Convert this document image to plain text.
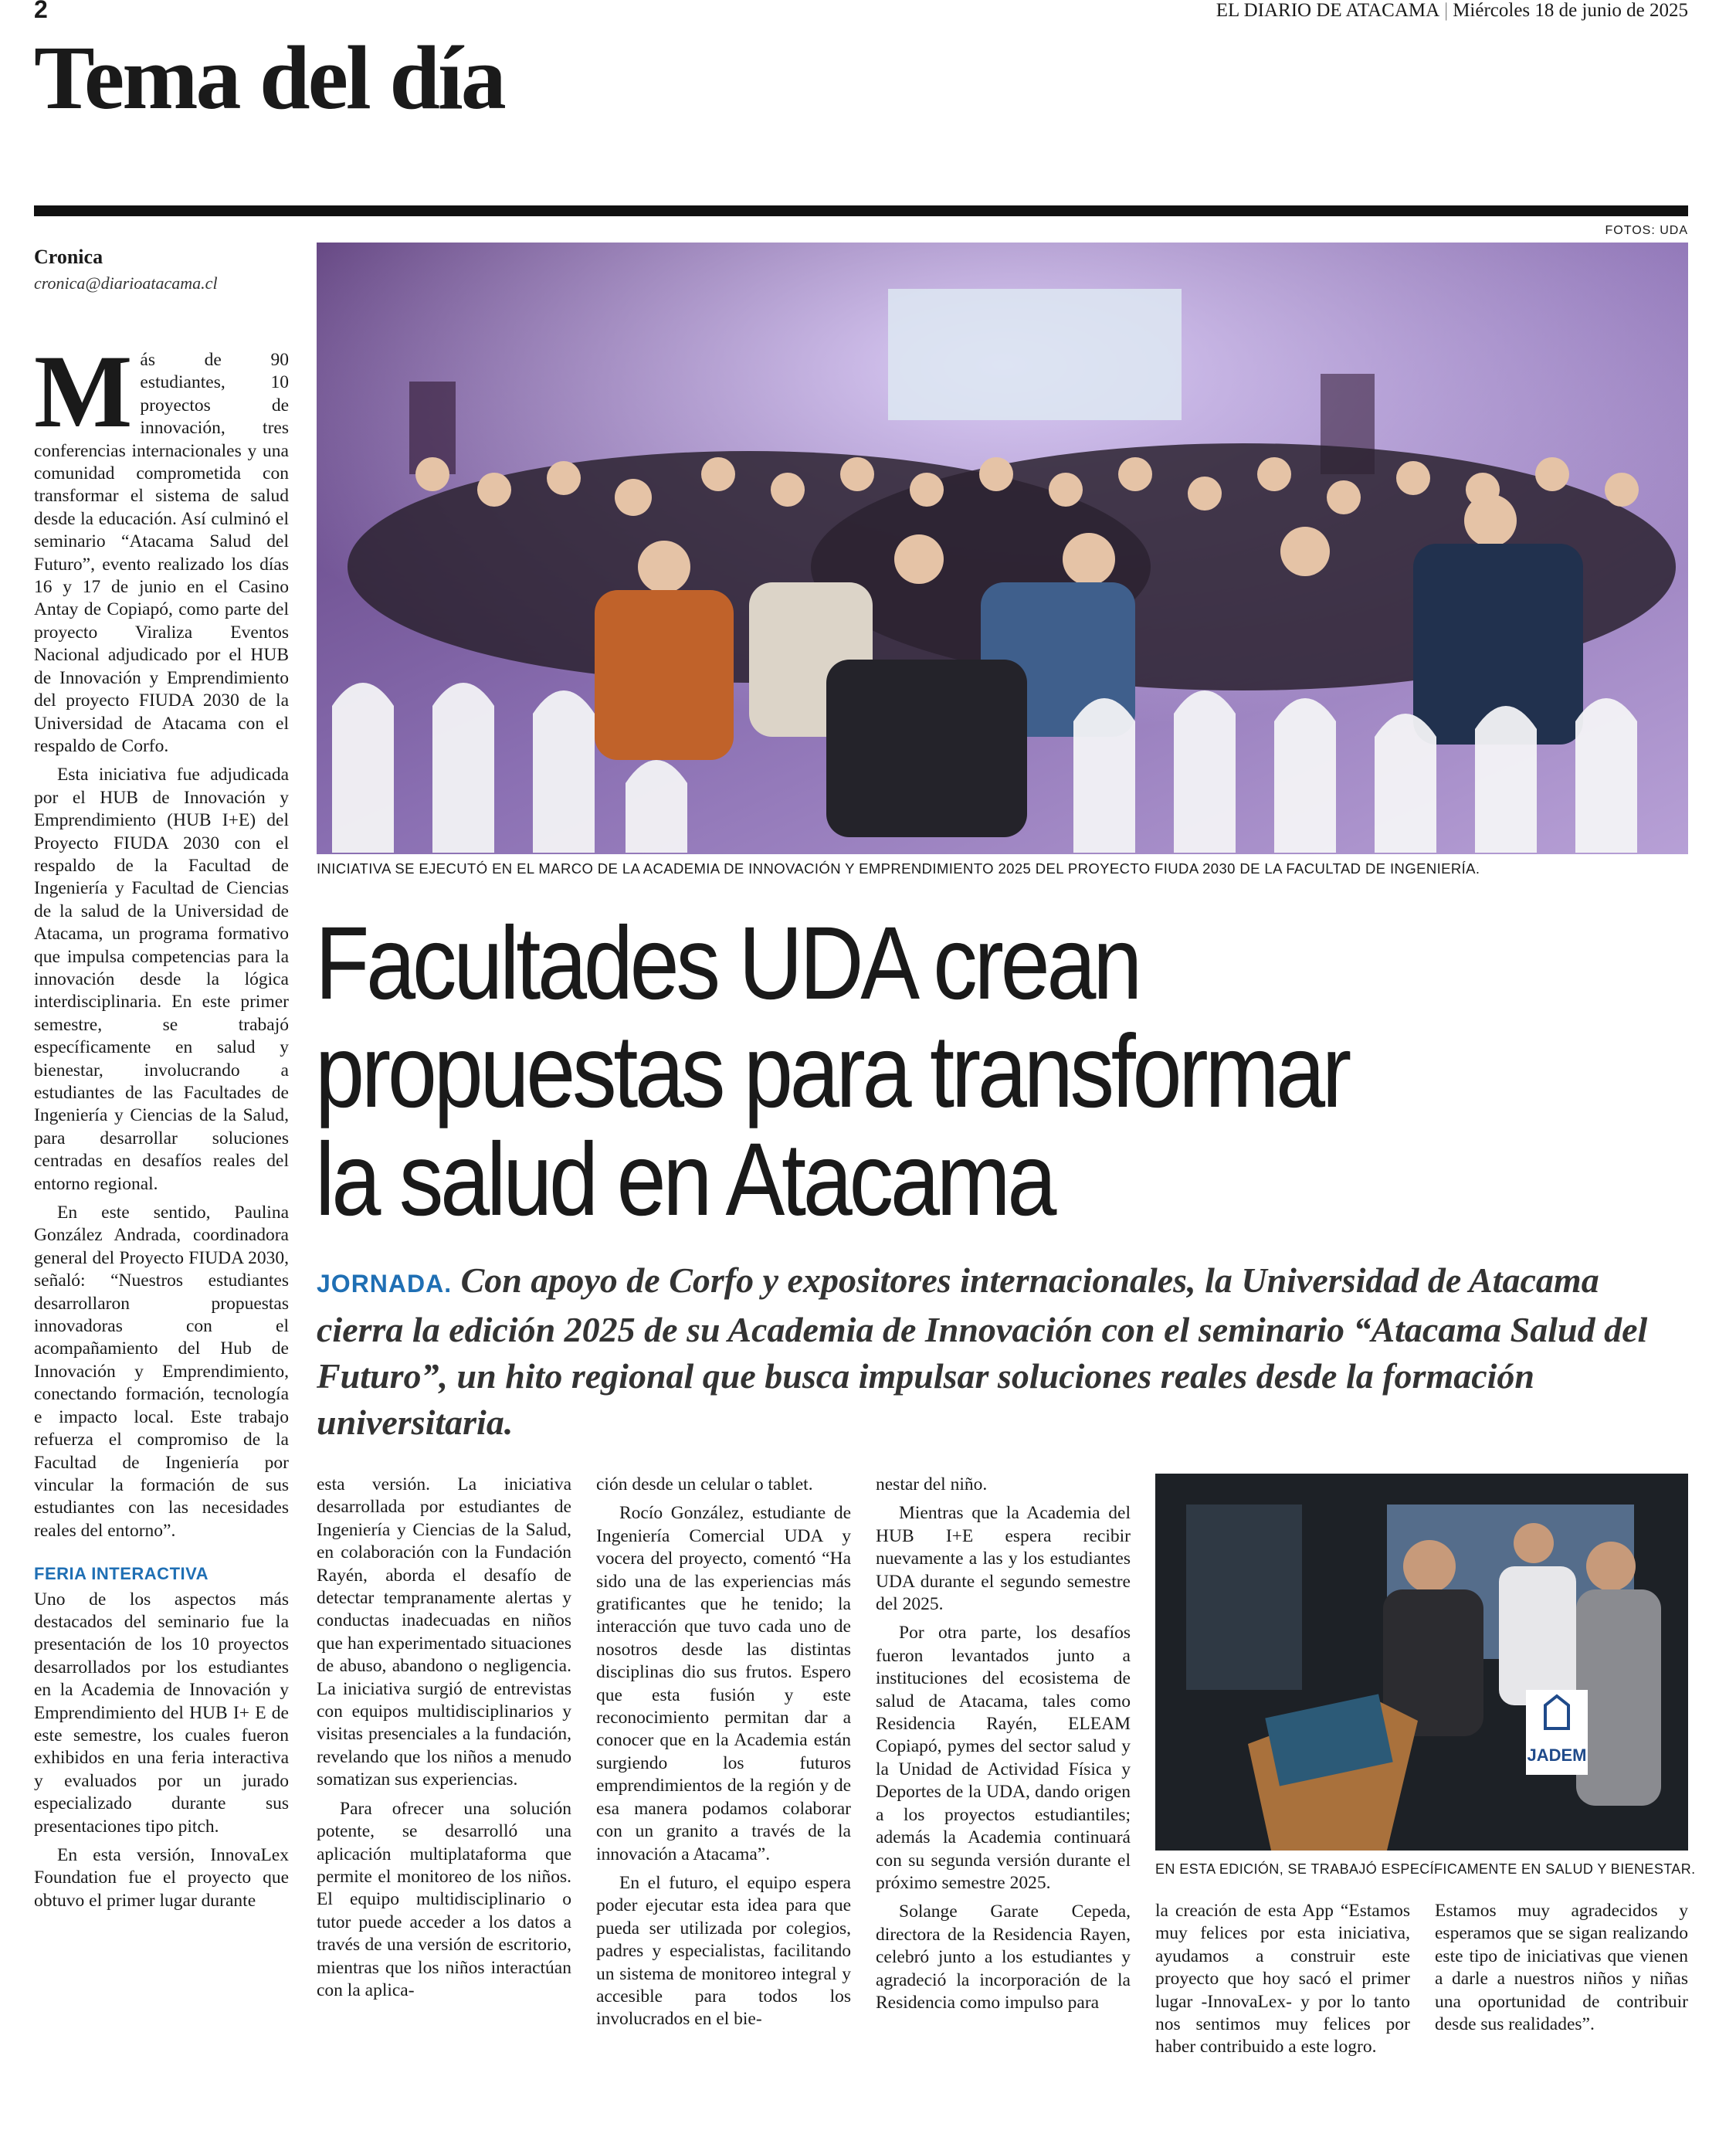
2	EL DIARIO DE ATACAMA | Miércoles 18 de junio de 2025
Tema del día
FOTOS: UDA
Cronica
cronica@diarioatacama.cl

Más de 90 estudiantes, 10 proyectos de innovación, tres conferencias internacionales y una comunidad comprometida con transformar el sistema de salud desde la educación. Así culminó el seminario “Atacama Salud del Futuro”, evento realizado los días 16 y 17 de junio en el Casino Antay de Copiapó, como parte del proyecto Viraliza Eventos Nacional adjudicado por el HUB de Innovación y Emprendimiento del proyecto FIUDA 2030 de la Universidad de Atacama con el respaldo de Corfo.

Esta iniciativa fue adjudicada por el HUB de Innovación y Emprendimiento (HUB I+E) del Proyecto FIUDA 2030 con el respaldo de la Facultad de Ingeniería y Facultad de Ciencias de la salud de la Universidad de Atacama, un programa formativo que impulsa competencias para la innovación desde la lógica interdisciplinaria. En este primer semestre, se trabajó específicamente en salud y bienestar, involucrando a estudiantes de las Facultades de Ingeniería y Ciencias de la Salud, para desarrollar soluciones centradas en desafíos reales del entorno regional.

En este sentido, Paulina González Andrada, coordinadora general del Proyecto FIUDA 2030, señaló: “Nuestros estudiantes desarrollaron propuestas innovadoras con el acompañamiento del Hub de Innovación y Emprendimiento, conectando formación, tecnología e impacto local. Este trabajo refuerza el compromiso de la Facultad de Ingeniería por vincular la formación de sus estudiantes con las necesidades reales del entorno”.

FERIA INTERACTIVA

Uno de los aspectos más destacados del seminario fue la presentación de los 10 proyectos desarrollados por los estudiantes en la Academia de Innovación y Emprendimiento del HUB I+ E de este semestre, los cuales fueron exhibidos en una feria interactiva y evaluados por un jurado especializado durante sus presentaciones tipo pitch.

En esta versión, InnovaLex Foundation fue el proyecto que obtuvo el primer lugar durante

INICIATIVA SE EJECUTÓ EN EL MARCO DE LA ACADEMIA DE INNOVACIÓN Y EMPRENDIMIENTO 2025 DEL PROYECTO FIUDA 2030 DE LA FACULTAD DE INGENIERÍA.
Facultades UDA crean
propuestas para transformar
la salud en Atacama
JORNADA. Con apoyo de Corfo y expositores internacionales, la Universidad de Atacama cierra la edición 2025 de su Academia de Innovación con el seminario “Atacama Salud del Futuro”, un hito regional que busca impulsar soluciones reales desde la formación universitaria.

esta versión. La iniciativa desarrollada por estudiantes de Ingeniería y Ciencias de la Salud, en colaboración con la Fundación Rayén, aborda el desafío de detectar tempranamente alertas y conductas inadecuadas en niños que han experimentado situaciones de abuso, abandono o negligencia. La iniciativa surgió de entrevistas con equipos multidisciplinarios y visitas presenciales a la fundación, revelando que los niños a menudo somatizan sus experiencias.

Para ofrecer una solución potente, se desarrolló una aplicación multiplataforma que permite el monitoreo de los niños. El equipo multidisciplinario o tutor puede acceder a los datos a través de una versión de escritorio, mientras que los niños interactúan con la aplica-

ción desde un celular o tablet.

Rocío González, estudiante de Ingeniería Comercial UDA y vocera del proyecto, comentó “Ha sido una de las experiencias más gratificantes que he tenido; la interacción que tuvo cada uno de nosotros desde las distintas disciplinas dio sus frutos. Espero que esta fusión y este reconocimiento permitan dar a conocer que en la Academia están surgiendo los futuros emprendimientos de la región y de esa manera podamos colaborar con un granito a través de la innovación a Atacama”.

En el futuro, el equipo espera poder ejecutar esta idea para que pueda ser utilizada por colegios, padres y especialistas, facilitando un sistema de monitoreo integral y accesible para todos los involucrados en el bie-

nestar del niño.

Mientras que la Academia del HUB I+E espera recibir nuevamente a las y los estudiantes UDA durante el segundo semestre del 2025.

Por otra parte, los desafíos fueron levantados junto a instituciones del ecosistema de salud de Atacama, tales como Residencia Rayén, ELEAM Copiapó, pymes del sector salud y la Unidad de Actividad Física y Deportes de la UDA, dando origen a los proyectos estudiantiles; además la Academia continuará con su segunda versión durante el próximo semestre 2025.

Solange Garate Cepeda, directora de la Residencia Rayen, celebró junto a los estudiantes y agradeció la incorporación de la Residencia como impulso para

JADEM
EN ESTA EDICIÓN, SE TRABAJÓ ESPECÍFICAMENTE EN SALUD Y BIENESTAR.

la creación de esta App “Estamos muy felices por esta iniciativa, ayudamos a construir este proyecto que hoy sacó el primer lugar -InnovaLex- y por lo tanto nos sentimos muy felices por haber contribuido a este logro.

Estamos muy agradecidos y esperamos que se sigan realizando este tipo de iniciativas que vienen a darle a nuestros niños y niñas una oportunidad de contribuir desde sus realidades”.
